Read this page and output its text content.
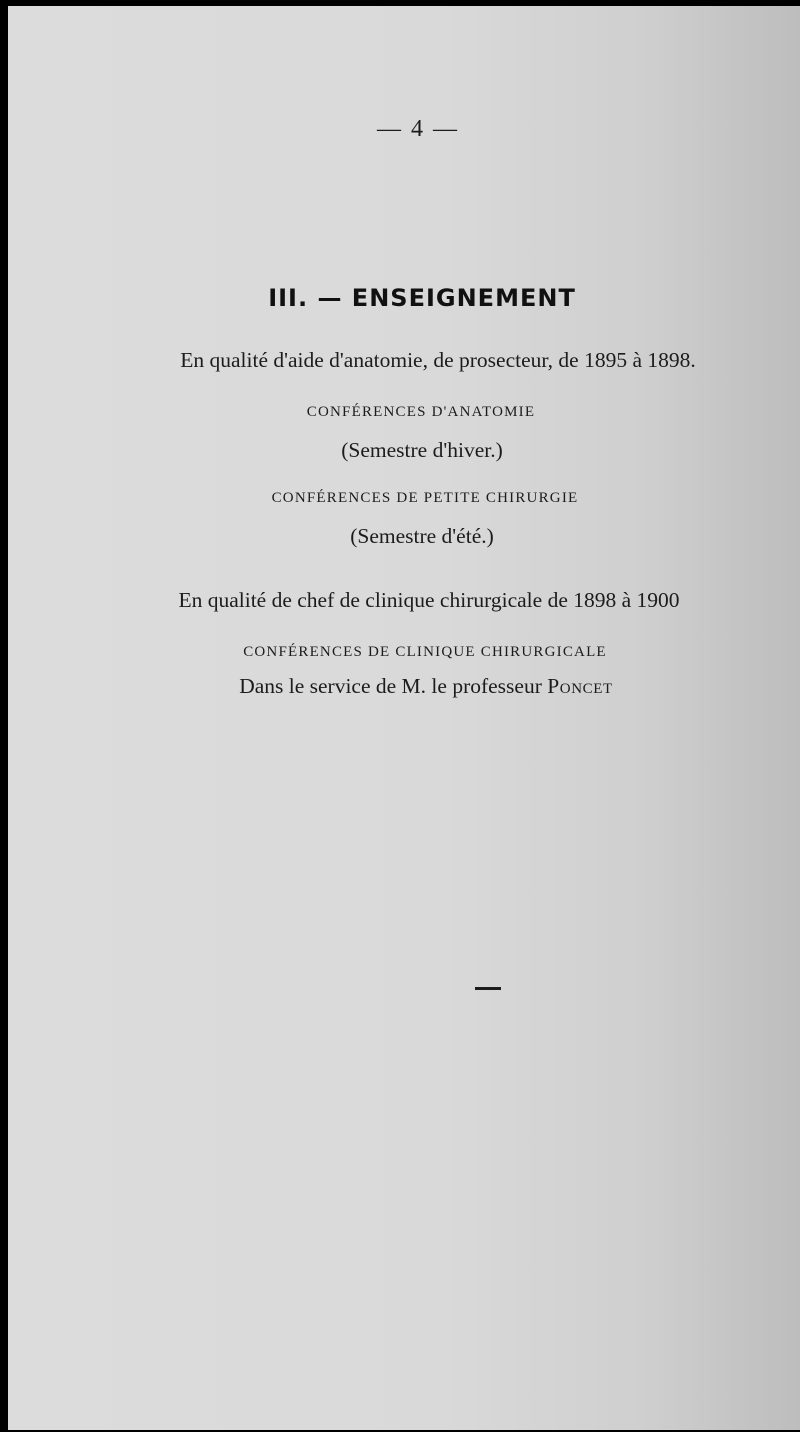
— 4 —
III. — ENSEIGNEMENT
En qualité d'aide d'anatomie, de prosecteur, de 1895 à 1898.
CONFÉRENCES D'ANATOMIE
(Semestre d'hiver.)
CONFÉRENCES DE PETITE CHIRURGIE
(Semestre d'été.)
En qualité de chef de clinique chirurgicale de 1898 à 1900
CONFÉRENCES DE CLINIQUE CHIRURGICALE
Dans le service de M. le professeur Poncet
